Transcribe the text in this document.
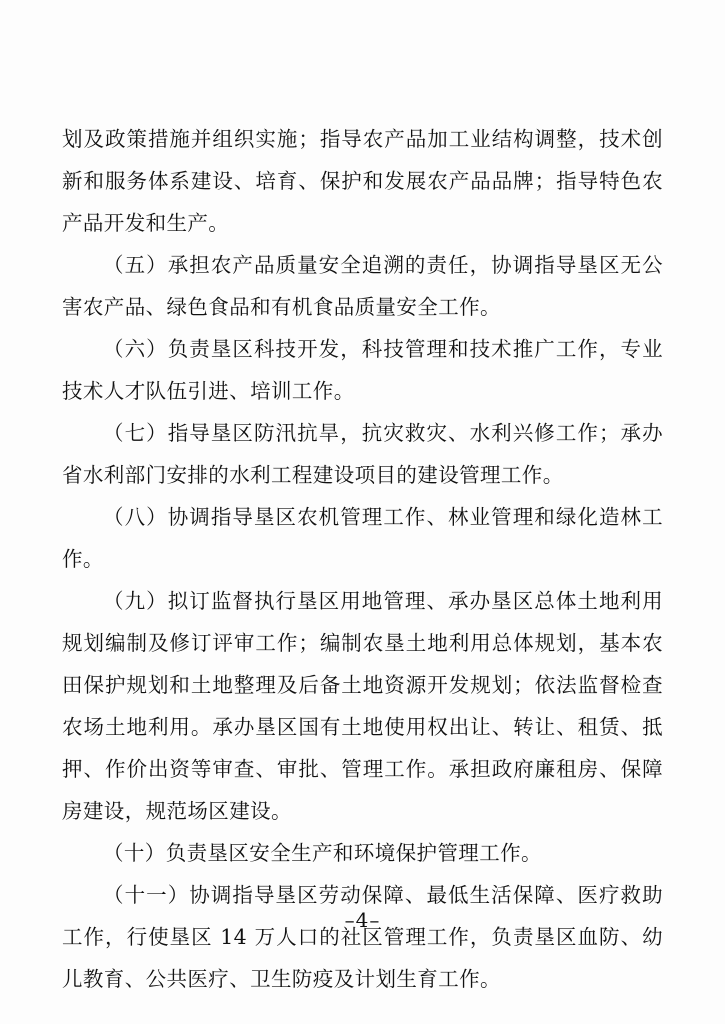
划及政策措施并组织实施；指导农产品加工业结构调整，技术创新和服务体系建设、培育、保护和发展农产品品牌；指导特色农产品开发和生产。

（五）承担农产品质量安全追溯的责任，协调指导垦区无公害农产品、绿色食品和有机食品质量安全工作。

（六）负责垦区科技开发，科技管理和技术推广工作，专业技术人才队伍引进、培训工作。

（七）指导垦区防汛抗旱，抗灾救灾、水利兴修工作；承办省水利部门安排的水利工程建设项目的建设管理工作。

（八）协调指导垦区农机管理工作、林业管理和绿化造林工作。

（九）拟订监督执行垦区用地管理、承办垦区总体土地利用规划编制及修订评审工作；编制农垦土地利用总体规划，基本农田保护规划和土地整理及后备土地资源开发规划；依法监督检查农场土地利用。承办垦区国有土地使用权出让、转让、租赁、抵押、作价出资等审查、审批、管理工作。承担政府廉租房、保障房建设，规范场区建设。

（十）负责垦区安全生产和环境保护管理工作。

（十一）协调指导垦区劳动保障、最低生活保障、医疗救助工作，行使垦区 14 万人口的社区管理工作，负责垦区血防、幼儿教育、公共医疗、卫生防疫及计划生育工作。

–4–
